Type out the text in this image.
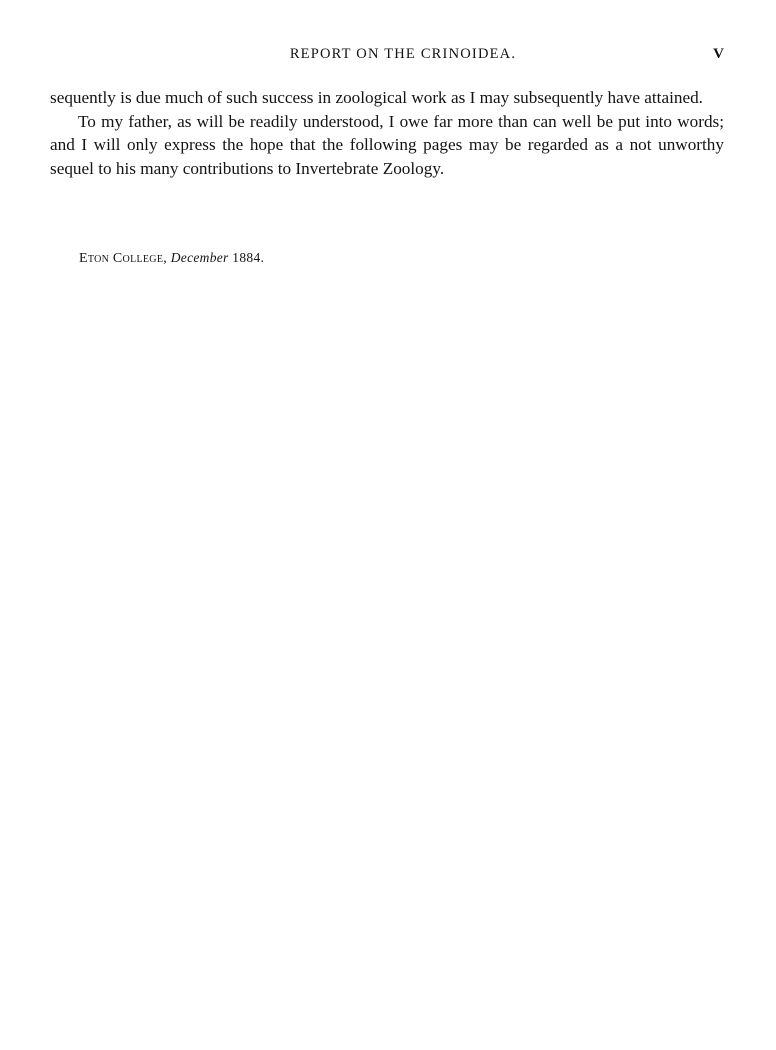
REPORT ON THE CRINOIDEA.	V

sequently is due much of such success in zoological work as I may subsequently have attained.

To my father, as will be readily understood, I owe far more than can well be put into words; and I will only express the hope that the following pages may be regarded as a not unworthy sequel to his many contributions to Invertebrate Zoology.

Eton College, December 1884.
